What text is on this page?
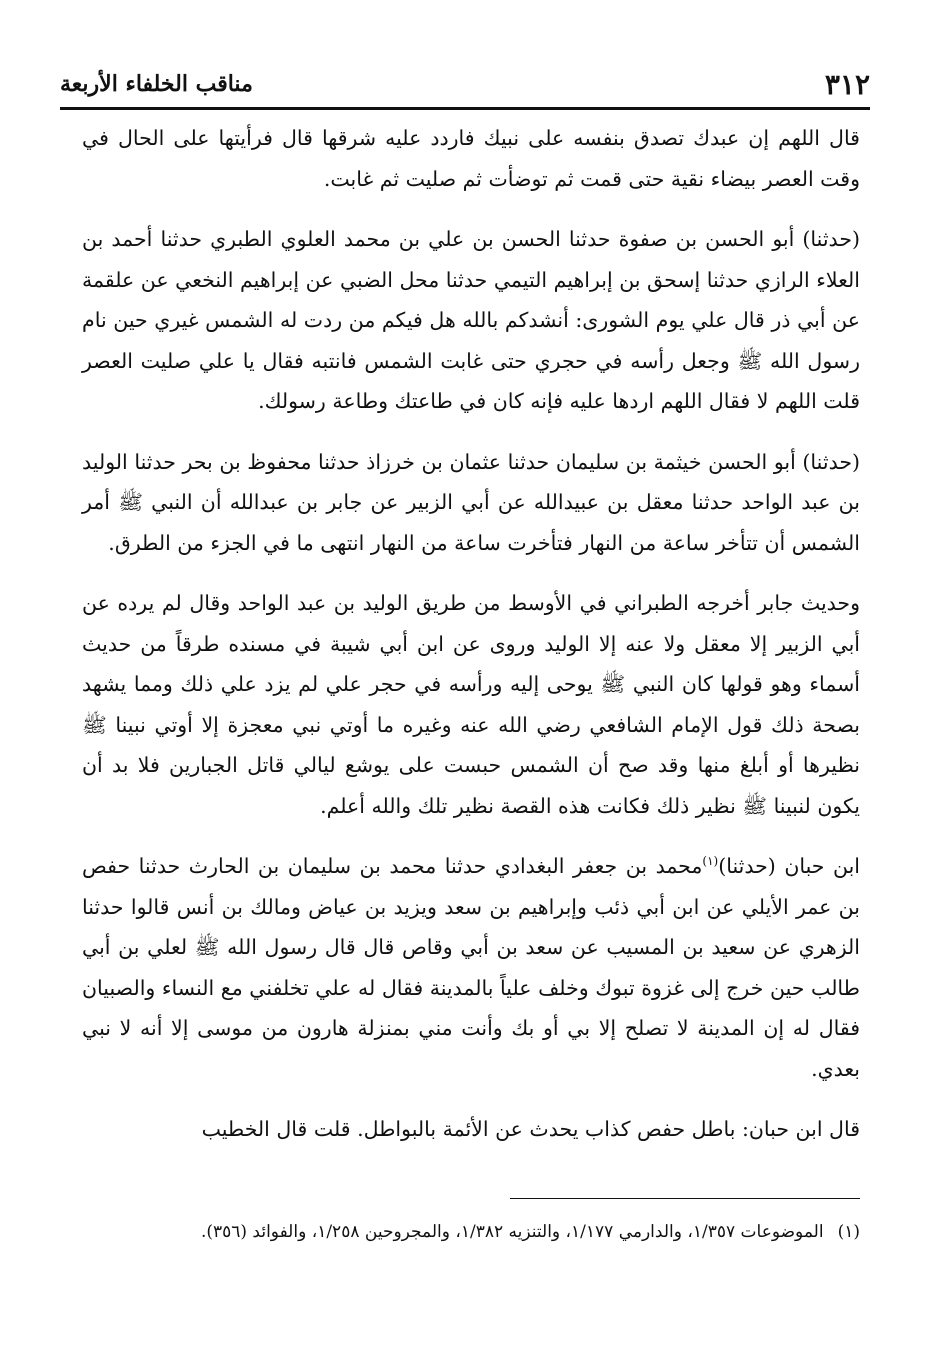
٣١٢
مناقب الخلفاء الأربعة

قال اللهم إن عبدك تصدق بنفسه على نبيك فاردد عليه شرقها قال فرأيتها على الحال في وقت العصر بيضاء نقية حتى قمت ثم توضأت ثم صليت ثم غابت.

(حدثنا) أبو الحسن بن صفوة حدثنا الحسن بن علي بن محمد العلوي الطبري حدثنا أحمد بن العلاء الرازي حدثنا إسحق بن إبراهيم التيمي حدثنا محل الضبي عن إبراهيم النخعي عن علقمة عن أبي ذر قال علي يوم الشورى: أنشدكم بالله هل فيكم من ردت له الشمس غيري حين نام رسول الله ﷺ وجعل رأسه في حجري حتى غابت الشمس فانتبه فقال يا علي صليت العصر قلت اللهم لا فقال اللهم اردها عليه فإنه كان في طاعتك وطاعة رسولك.

(حدثنا) أبو الحسن خيثمة بن سليمان حدثنا عثمان بن خرزاذ حدثنا محفوظ بن بحر حدثنا الوليد بن عبد الواحد حدثنا معقل بن عبيدالله عن أبي الزبير عن جابر بن عبدالله أن النبي ﷺ أمر الشمس أن تتأخر ساعة من النهار فتأخرت ساعة من النهار انتهى ما في الجزء من الطرق.

وحديث جابر أخرجه الطبراني في الأوسط من طريق الوليد بن عبد الواحد وقال لم يرده عن أبي الزبير إلا معقل ولا عنه إلا الوليد وروى عن ابن أبي شيبة في مسنده طرقاً من حديث أسماء وهو قولها كان النبي ﷺ يوحى إليه ورأسه في حجر علي لم يزد علي ذلك ومما يشهد بصحة ذلك قول الإمام الشافعي رضي الله عنه وغيره ما أوتي نبي معجزة إلا أوتي نبينا ﷺ نظيرها أو أبلغ منها وقد صح أن الشمس حبست على يوشع ليالي قاتل الجبارين فلا بد أن يكون لنبينا ﷺ نظير ذلك فكانت هذه القصة نظير تلك والله أعلم.

ابن حبان (حدثنا)$^{(١)}$محمد بن جعفر البغدادي حدثنا محمد بن سليمان بن الحارث حدثنا حفص بن عمر الأيلي عن ابن أبي ذئب وإبراهيم بن سعد ويزيد بن عياض ومالك بن أنس قالوا حدثنا الزهري عن سعيد بن المسيب عن سعد بن أبي وقاص قال قال رسول الله ﷺ لعلي بن أبي طالب حين خرج إلى غزوة تبوك وخلف علياً بالمدينة فقال له علي تخلفني مع النساء والصبيان فقال له إن المدينة لا تصلح إلا بي أو بك وأنت مني بمنزلة هارون من موسى إلا أنه لا نبي بعدي.

قال ابن حبان: باطل حفص كذاب يحدث عن الأئمة بالبواطل. قلت قال الخطيب

(١)الموضوعات ١/٣٥٧، والدارمي ١/١٧٧، والتنزيه ١/٣٨٢، والمجروحين ١/٢٥٨، والفوائد (٣٥٦).
